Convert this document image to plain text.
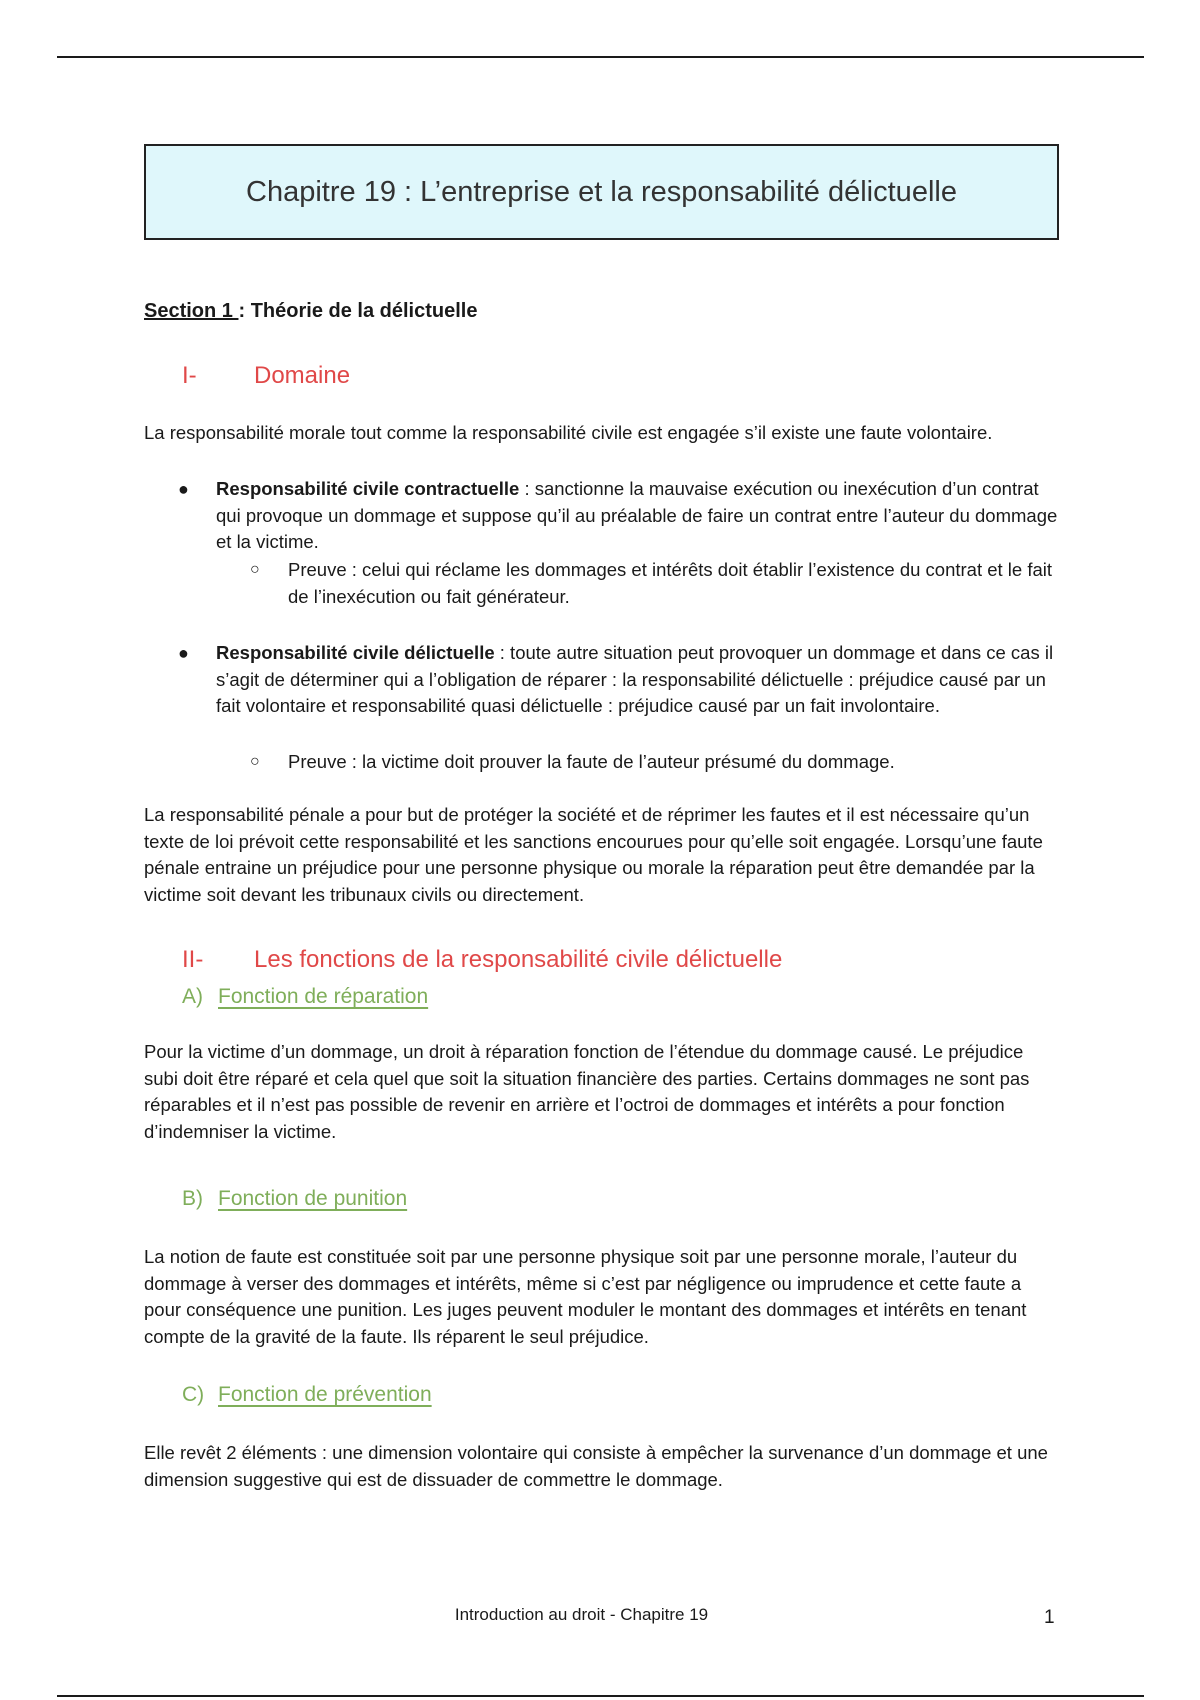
Chapitre 19 : L’entreprise et la responsabilité délictuelle
Section 1 : Théorie de la délictuelle
I- Domaine
La responsabilité morale tout comme la responsabilité civile est engagée s’il existe une faute volontaire.
● Responsabilité civile contractuelle : sanctionne la mauvaise exécution ou inexécution d’un contrat qui provoque un dommage et suppose qu’il au préalable de faire un contrat entre l’auteur du dommage et la victime.
○ Preuve : celui qui réclame les dommages et intérêts doit établir l’existence du contrat et le fait de l’inexécution ou fait générateur.
● Responsabilité civile délictuelle : toute autre situation peut provoquer un dommage et dans ce cas il s’agit de déterminer qui a l’obligation de réparer : la responsabilité délictuelle : préjudice causé par un fait volontaire et responsabilité quasi délictuelle : préjudice causé par un fait involontaire.
○ Preuve : la victime doit prouver la faute de l’auteur présumé du dommage.
La responsabilité pénale a pour but de protéger la société et de réprimer les fautes et il est nécessaire qu’un texte de loi prévoit cette responsabilité et les sanctions encourues pour qu’elle soit engagée. Lorsqu’une faute pénale entraine un préjudice pour une personne physique ou morale la réparation peut être demandée par la victime soit devant les tribunaux civils ou directement.
II- Les fonctions de la responsabilité civile délictuelle
A) Fonction de réparation
Pour la victime d’un dommage, un droit à réparation fonction de l’étendue du dommage causé. Le préjudice subi doit être réparé et cela quel que soit la situation financière des parties. Certains dommages ne sont pas réparables et il n’est pas possible de revenir en arrière et l’octroi de dommages et intérêts a pour fonction d’indemniser la victime.
B) Fonction de punition
La notion de faute est constituée soit par une personne physique soit par une personne morale, l’auteur du dommage à verser des dommages et intérêts, même si c’est par négligence ou imprudence et cette faute a pour conséquence une punition. Les juges peuvent moduler le montant des dommages et intérêts en tenant compte de la gravité de la faute. Ils réparent le seul préjudice.
C) Fonction de prévention
Elle revêt 2 éléments : une dimension volontaire qui consiste à empêcher la survenance d’un dommage et une dimension suggestive qui est de dissuader de commettre le dommage.
Introduction au droit - Chapitre 19	1
